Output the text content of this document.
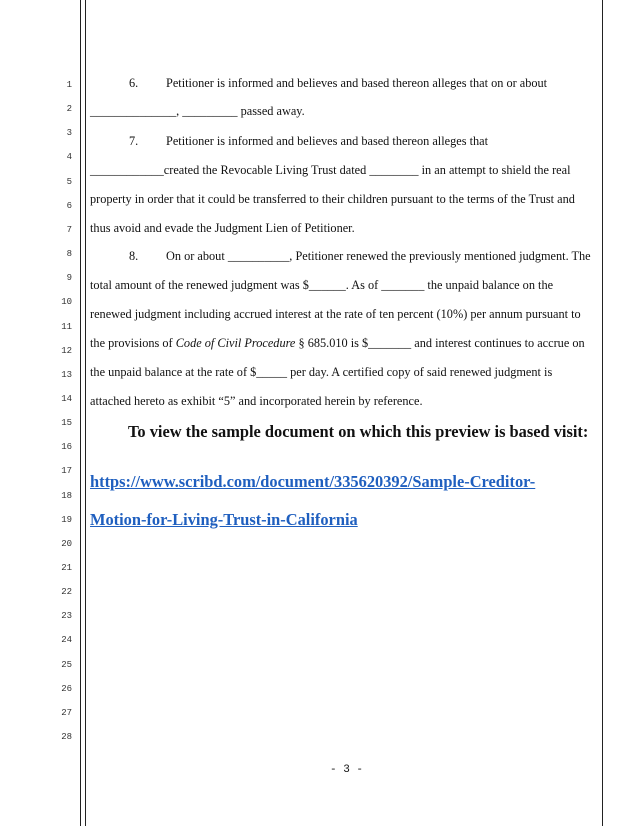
1
2
3
4
5
6
7
8
9
10
11
12
13
14
15
16
17
18
19
20
21
22
23
24
25
26
27
28
6. Petitioner is informed and believes and based thereon alleges that on or about
______________, _________ passed away.
7. Petitioner is informed and believes and based thereon alleges that
____________created the Revocable Living Trust dated ________ in an attempt to shield the real
property in order that it could be transferred to their children pursuant to the terms of the Trust and
thus avoid and evade the Judgment Lien of Petitioner.
8. On or about __________, Petitioner renewed the previously mentioned judgment. The
total amount of the renewed judgment was $______. As of _______ the unpaid balance on the
renewed judgment including accrued interest at the rate of ten percent (10%) per annum pursuant to
the provisions of Code of Civil Procedure § 685.010 is $_______ and interest continues to accrue on
the unpaid balance at the rate of $_____ per day. A certified copy of said renewed judgment is
attached hereto as exhibit “5” and incorporated herein by reference.
To view the sample document on which this preview is based visit:
https://www.scribd.com/document/335620392/Sample-Creditor-
Motion-for-Living-Trust-in-California
- 3 -
